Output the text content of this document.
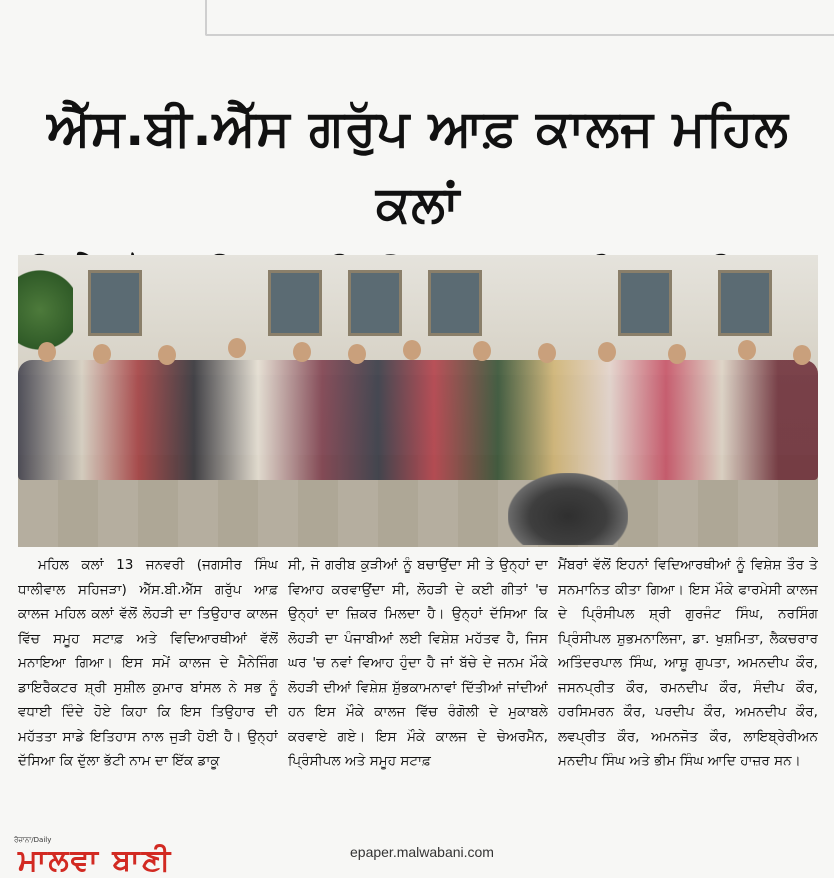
ਐੱਸ.ਬੀ.ਐੱਸ ਗਰੁੱਪ ਆਫ਼ ਕਾਲਜ ਮਹਿਲ ਕਲਾਂ
ਮਹਿਲ ਕਲਾਂ 13 ਜਨਵਰੀ (ਜਗਸੀਰ ਸਿੰਘ ਧਾਲੀਵਾਲ ਸਹਿਜੜਾ) ਐੱਸ.ਬੀ.ਐੱਸ ਗਰੁੱਪ ਆਫ਼ ਕਾਲਜ ਮਹਿਲ ਕਲਾਂ ਵੱਲੋਂ ਲੋਹੜੀ ਦਾ ਤਿਉਹਾਰ ਕਾਲਜ ਵਿੱਚ ਸਮੂਹ ਸਟਾਫ਼ ਅਤੇ ਵਿਦਿਆਰਥੀਆਂ ਵੱਲੋਂ ਮਨਾਇਆ ਗਿਆ। ਇਸ ਸਮੇਂ ਕਾਲਜ ਦੇ ਮੈਨੇਜਿੰਗ ਡਾਇਰੈਕਟਰ ਸ਼੍ਰੀ ਸੁਸ਼ੀਲ ਕੁਮਾਰ ਬਾਂਸਲ ਨੇ ਸਭ ਨੂੰ ਵਧਾਈ ਦਿੰਦੇ ਹੋਏ ਕਿਹਾ ਕਿ ਇਸ ਤਿਉਹਾਰ ਦੀ ਮਹੱਤਤਾ ਸਾਡੇ ਇਤਿਹਾਸ ਨਾਲ ਜੁੜੀ ਹੋਈ ਹੈ। ਉਨ੍ਹਾਂ ਦੱਸਿਆ ਕਿ ਦੁੱਲਾ ਭੱਟੀ ਨਾਮ ਦਾ ਇੱਕ ਡਾਕੂ
ਸੀ, ਜੋ ਗਰੀਬ ਕੁੜੀਆਂ ਨੂੰ ਬਚਾਉਂਦਾ ਸੀ ਤੇ ਉਨ੍ਹਾਂ ਦਾ ਵਿਆਹ ਕਰਵਾਉਂਦਾ ਸੀ, ਲੋਹੜੀ ਦੇ ਕਈ ਗੀਤਾਂ 'ਚ ਉਨ੍ਹਾਂ ਦਾ ਜ਼ਿਕਰ ਮਿਲਦਾ ਹੈ। ਉਨ੍ਹਾਂ ਦੱਸਿਆ ਕਿ ਲੋਹੜੀ ਦਾ ਪੰਜਾਬੀਆਂ ਲਈ ਵਿਸ਼ੇਸ਼ ਮਹੱਤਵ ਹੈ, ਜਿਸ ਘਰ 'ਚ ਨਵਾਂ ਵਿਆਹ ਹੁੰਦਾ ਹੈ ਜਾਂ ਬੱਚੇ ਦੇ ਜਨਮ ਮੌਕੇ ਲੋਹੜੀ ਦੀਆਂ ਵਿਸ਼ੇਸ਼ ਸ਼ੁੱਭਕਾਮਨਾਵਾਂ ਦਿੱਤੀਆਂ ਜਾਂਦੀਆਂ ਹਨ ਇਸ ਮੌਕੇ ਕਾਲਜ ਵਿੱਚ ਰੰਗੋਲੀ ਦੇ ਮੁਕਾਬਲੇ ਕਰਵਾਏ ਗਏ। ਇਸ ਮੌਕੇ ਕਾਲਜ ਦੇ ਚੇਅਰਮੈਨ, ਪ੍ਰਿੰਸੀਪਲ ਅਤੇ ਸਮੂਹ ਸਟਾਫ਼
ਮੈਂਬਰਾਂ ਵੱਲੋਂ ਇਹਨਾਂ ਵਿਦਿਆਰਥੀਆਂ ਨੂੰ ਵਿਸ਼ੇਸ਼ ਤੌਰ ਤੇ ਸਨਮਾਨਿਤ ਕੀਤਾ ਗਿਆ। ਇਸ ਮੌਕੇ ਫਾਰਮੇਸੀ ਕਾਲਜ ਦੇ ਪ੍ਰਿੰਸੀਪਲ ਸ਼੍ਰੀ ਗੁਰਜੰਟ ਸਿੰਘ, ਨਰਸਿੰਗ ਪ੍ਰਿੰਸੀਪਲ ਸ਼ੁਭਮਨਾਲਿਜਾ, ਡਾ. ਖੁਸ਼ਮਿਤਾ, ਲੈਕਚਰਾਰ ਅਤਿੰਦਰਪਾਲ ਸਿੰਘ, ਆਸ਼ੂ ਗੁਪਤਾ, ਅਮਨਦੀਪ ਕੌਰ, ਜਸਨਪ੍ਰੀਤ ਕੌਰ, ਰਮਨਦੀਪ ਕੌਰ, ਸੰਦੀਪ ਕੌਰ, ਹਰਸਿਮਰਨ ਕੌਰ, ਪਰਦੀਪ ਕੌਰ, ਅਮਨਦੀਪ ਕੌਰ, ਲਵਪ੍ਰੀਤ ਕੌਰ, ਅਮਨਜੋਤ ਕੌਰ, ਲਾਇਬ੍ਰੇਰੀਅਨ ਮਨਦੀਪ ਸਿੰਘ ਅਤੇ ਭੀਮ ਸਿੰਘ ਆਦਿ ਹਾਜ਼ਰ ਸਨ।
ਰੋਜ਼ਾਨਾ/Daily
ਮਾਲਵਾ ਬਾਣੀ	epaper.malwabani.com
